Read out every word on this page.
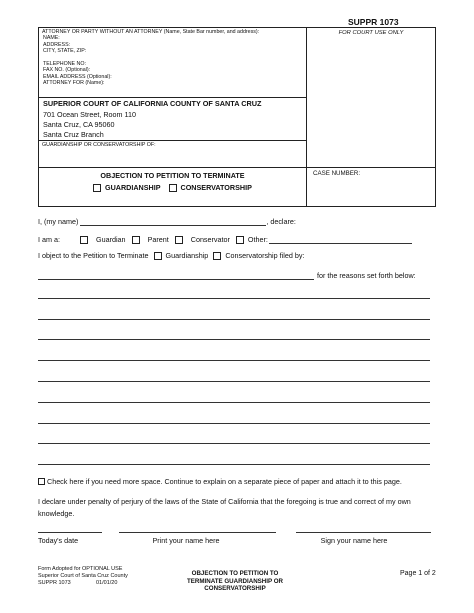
SUPPR 1073
ATTORNEY OR PARTY WITHOUT AN ATTORNEY (Name, State Bar number, and address):
NAME:
ADDRESS:
CITY, STATE, ZIP:
TELEPHONE NO:
FAX NO. (Optional):
EMAIL ADDRESS (Optional):
ATTORNEY FOR (Name):
FOR COURT USE ONLY
SUPERIOR COURT OF CALIFORNIA COUNTY OF SANTA CRUZ
701 Ocean Street, Room 110
Santa Cruz, CA 95060
Santa Cruz Branch
GUARDIANSHIP OR CONSERVATORSHIP OF:
OBJECTION TO PETITION TO TERMINATE
GUARDIANSHIP	CONSERVATORSHIP
CASE NUMBER:
I, (my name)	, declare:
I am a:	Guardian	Parent	Conservator	Other:
I object to the Petition to Terminate Guardianship Conservatorship filed by:
for the reasons set forth below:
Check here if you need more space. Continue to explain on a separate piece of paper and attach it to this page.
I declare under penalty of perjury of the laws of the State of California that the foregoing is true and correct of my own knowledge.
Today's date	Print your name here	Sign your name here
Form Adopted for OPTIONAL USE
Superior Court of Santa Cruz County
SUPPR 1073	01/01/20
OBJECTION TO PETITION TO
TERMINATE GUARDIANSHIP OR
CONSERVATORSHIP
Page 1 of 2
